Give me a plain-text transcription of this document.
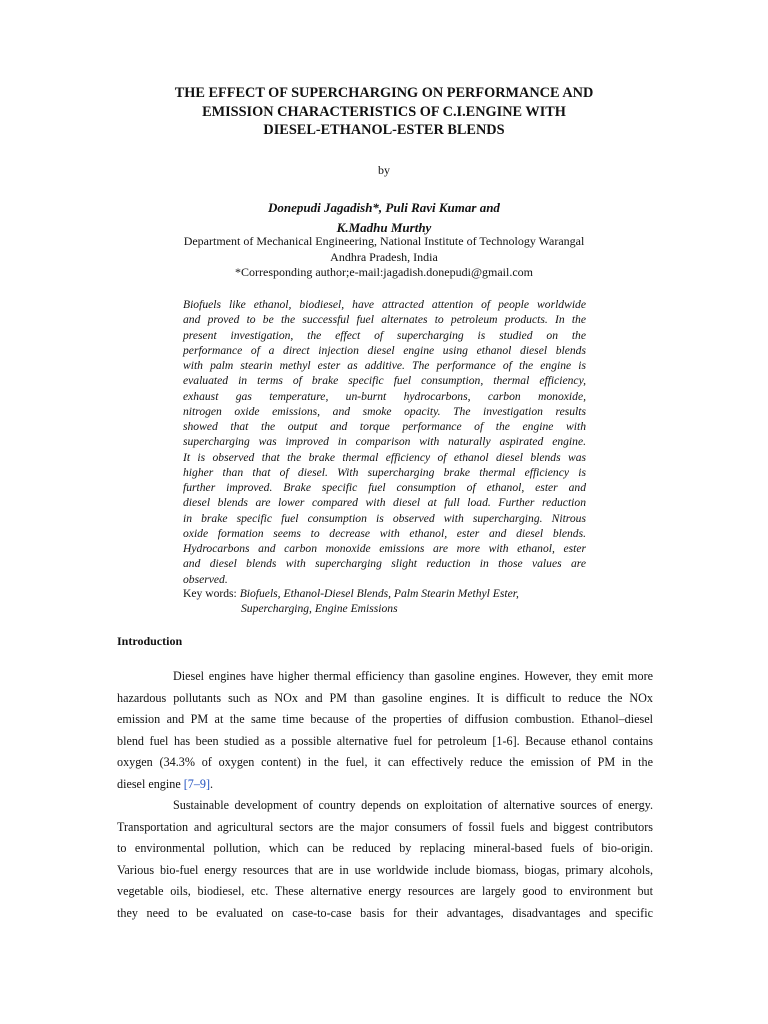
THE EFFECT OF SUPERCHARGING ON PERFORMANCE AND
EMISSION CHARACTERISTICS OF C.I.ENGINE WITH
DIESEL-ETHANOL-ESTER BLENDS
by
Donepudi Jagadish*, Puli Ravi Kumar and
K.Madhu Murthy
Department of Mechanical Engineering, National Institute of Technology Warangal
Andhra Pradesh, India
*Corresponding author;e-mail:jagadish.donepudi@gmail.com
Biofuels like ethanol, biodiesel, have attracted attention of people worldwide
and proved to be the successful fuel alternates to petroleum products. In the
present investigation, the effect of supercharging is studied on the
performance of a direct injection diesel engine using ethanol diesel blends
with palm stearin methyl ester as additive. The performance of the engine is
evaluated in terms of brake specific fuel consumption, thermal efficiency,
exhaust gas temperature, un-burnt hydrocarbons, carbon monoxide,
nitrogen oxide emissions, and smoke opacity. The investigation results
showed that the output and torque performance of the engine with
supercharging was improved in comparison with naturally aspirated engine.
It is observed that the brake thermal efficiency of ethanol diesel blends was
higher than that of diesel. With supercharging brake thermal efficiency is
further improved. Brake specific fuel consumption of ethanol, ester and
diesel blends are lower compared with diesel at full load. Further reduction
in brake specific fuel consumption is observed with supercharging. Nitrous
oxide formation seems to decrease with ethanol, ester and diesel blends.
Hydrocarbons and carbon monoxide emissions are more with ethanol, ester
and diesel blends with supercharging slight reduction in those values are
observed.
Key words: Biofuels, Ethanol-Diesel Blends, Palm Stearin Methyl Ester,
Supercharging, Engine Emissions
Introduction
Diesel engines have higher thermal efficiency than gasoline engines. However, they emit more
hazardous pollutants such as NOx and PM than gasoline engines. It is difficult to reduce the NOx
emission and PM at the same time because of the properties of diffusion combustion. Ethanol–diesel
blend fuel has been studied as a possible alternative fuel for petroleum [1-6]. Because ethanol contains
oxygen (34.3% of oxygen content) in the fuel, it can effectively reduce the emission of PM in the
diesel engine [7–9].
Sustainable development of country depends on exploitation of alternative sources of energy.
Transportation and agricultural sectors are the major consumers of fossil fuels and biggest contributors
to environmental pollution, which can be reduced by replacing mineral-based fuels of bio-origin.
Various bio-fuel energy resources that are in use worldwide include biomass, biogas, primary alcohols,
vegetable oils, biodiesel, etc. These alternative energy resources are largely good to environment but
they need to be evaluated on case-to-case basis for their advantages, disadvantages and specific
